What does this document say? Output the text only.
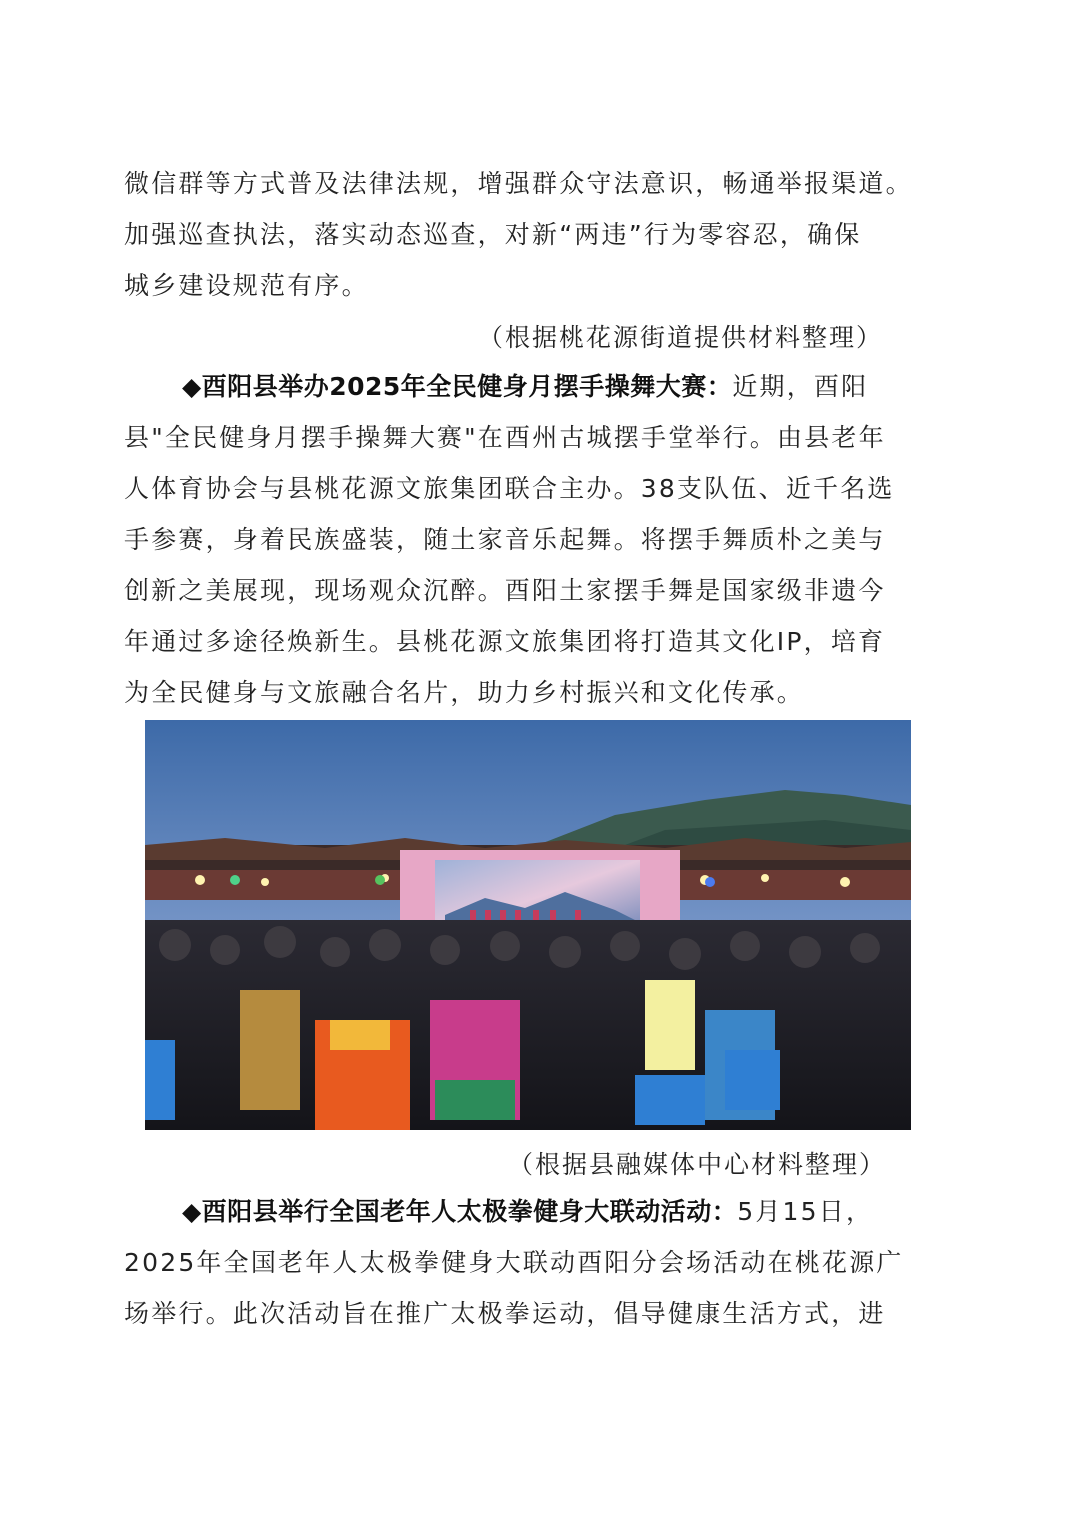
微信群等方式普及法律法规，增强群众守法意识，畅通举报渠道。
加强巡查执法，落实动态巡查，对新“两违”行为零容忍，确保
城乡建设规范有序。
（根据桃花源街道提供材料整理）
◆酉阳县举办2025年全民健身月摆手操舞大赛：近期，酉阳
县"全民健身月摆手操舞大赛"在酉州古城摆手堂举行。由县老年
人体育协会与县桃花源文旅集团联合主办。38支队伍、近千名选
手参赛，身着民族盛装，随土家音乐起舞。将摆手舞质朴之美与
创新之美展现，现场观众沉醉。酉阳土家摆手舞是国家级非遗今
年通过多途径焕新生。县桃花源文旅集团将打造其文化IP，培育
为全民健身与文旅融合名片，助力乡村振兴和文化传承。
（根据县融媒体中心材料整理）
◆酉阳县举行全国老年人太极拳健身大联动活动：5月15日，
2025年全国老年人太极拳健身大联动酉阳分会场活动在桃花源广
场举行。此次活动旨在推广太极拳运动，倡导健康生活方式，进
